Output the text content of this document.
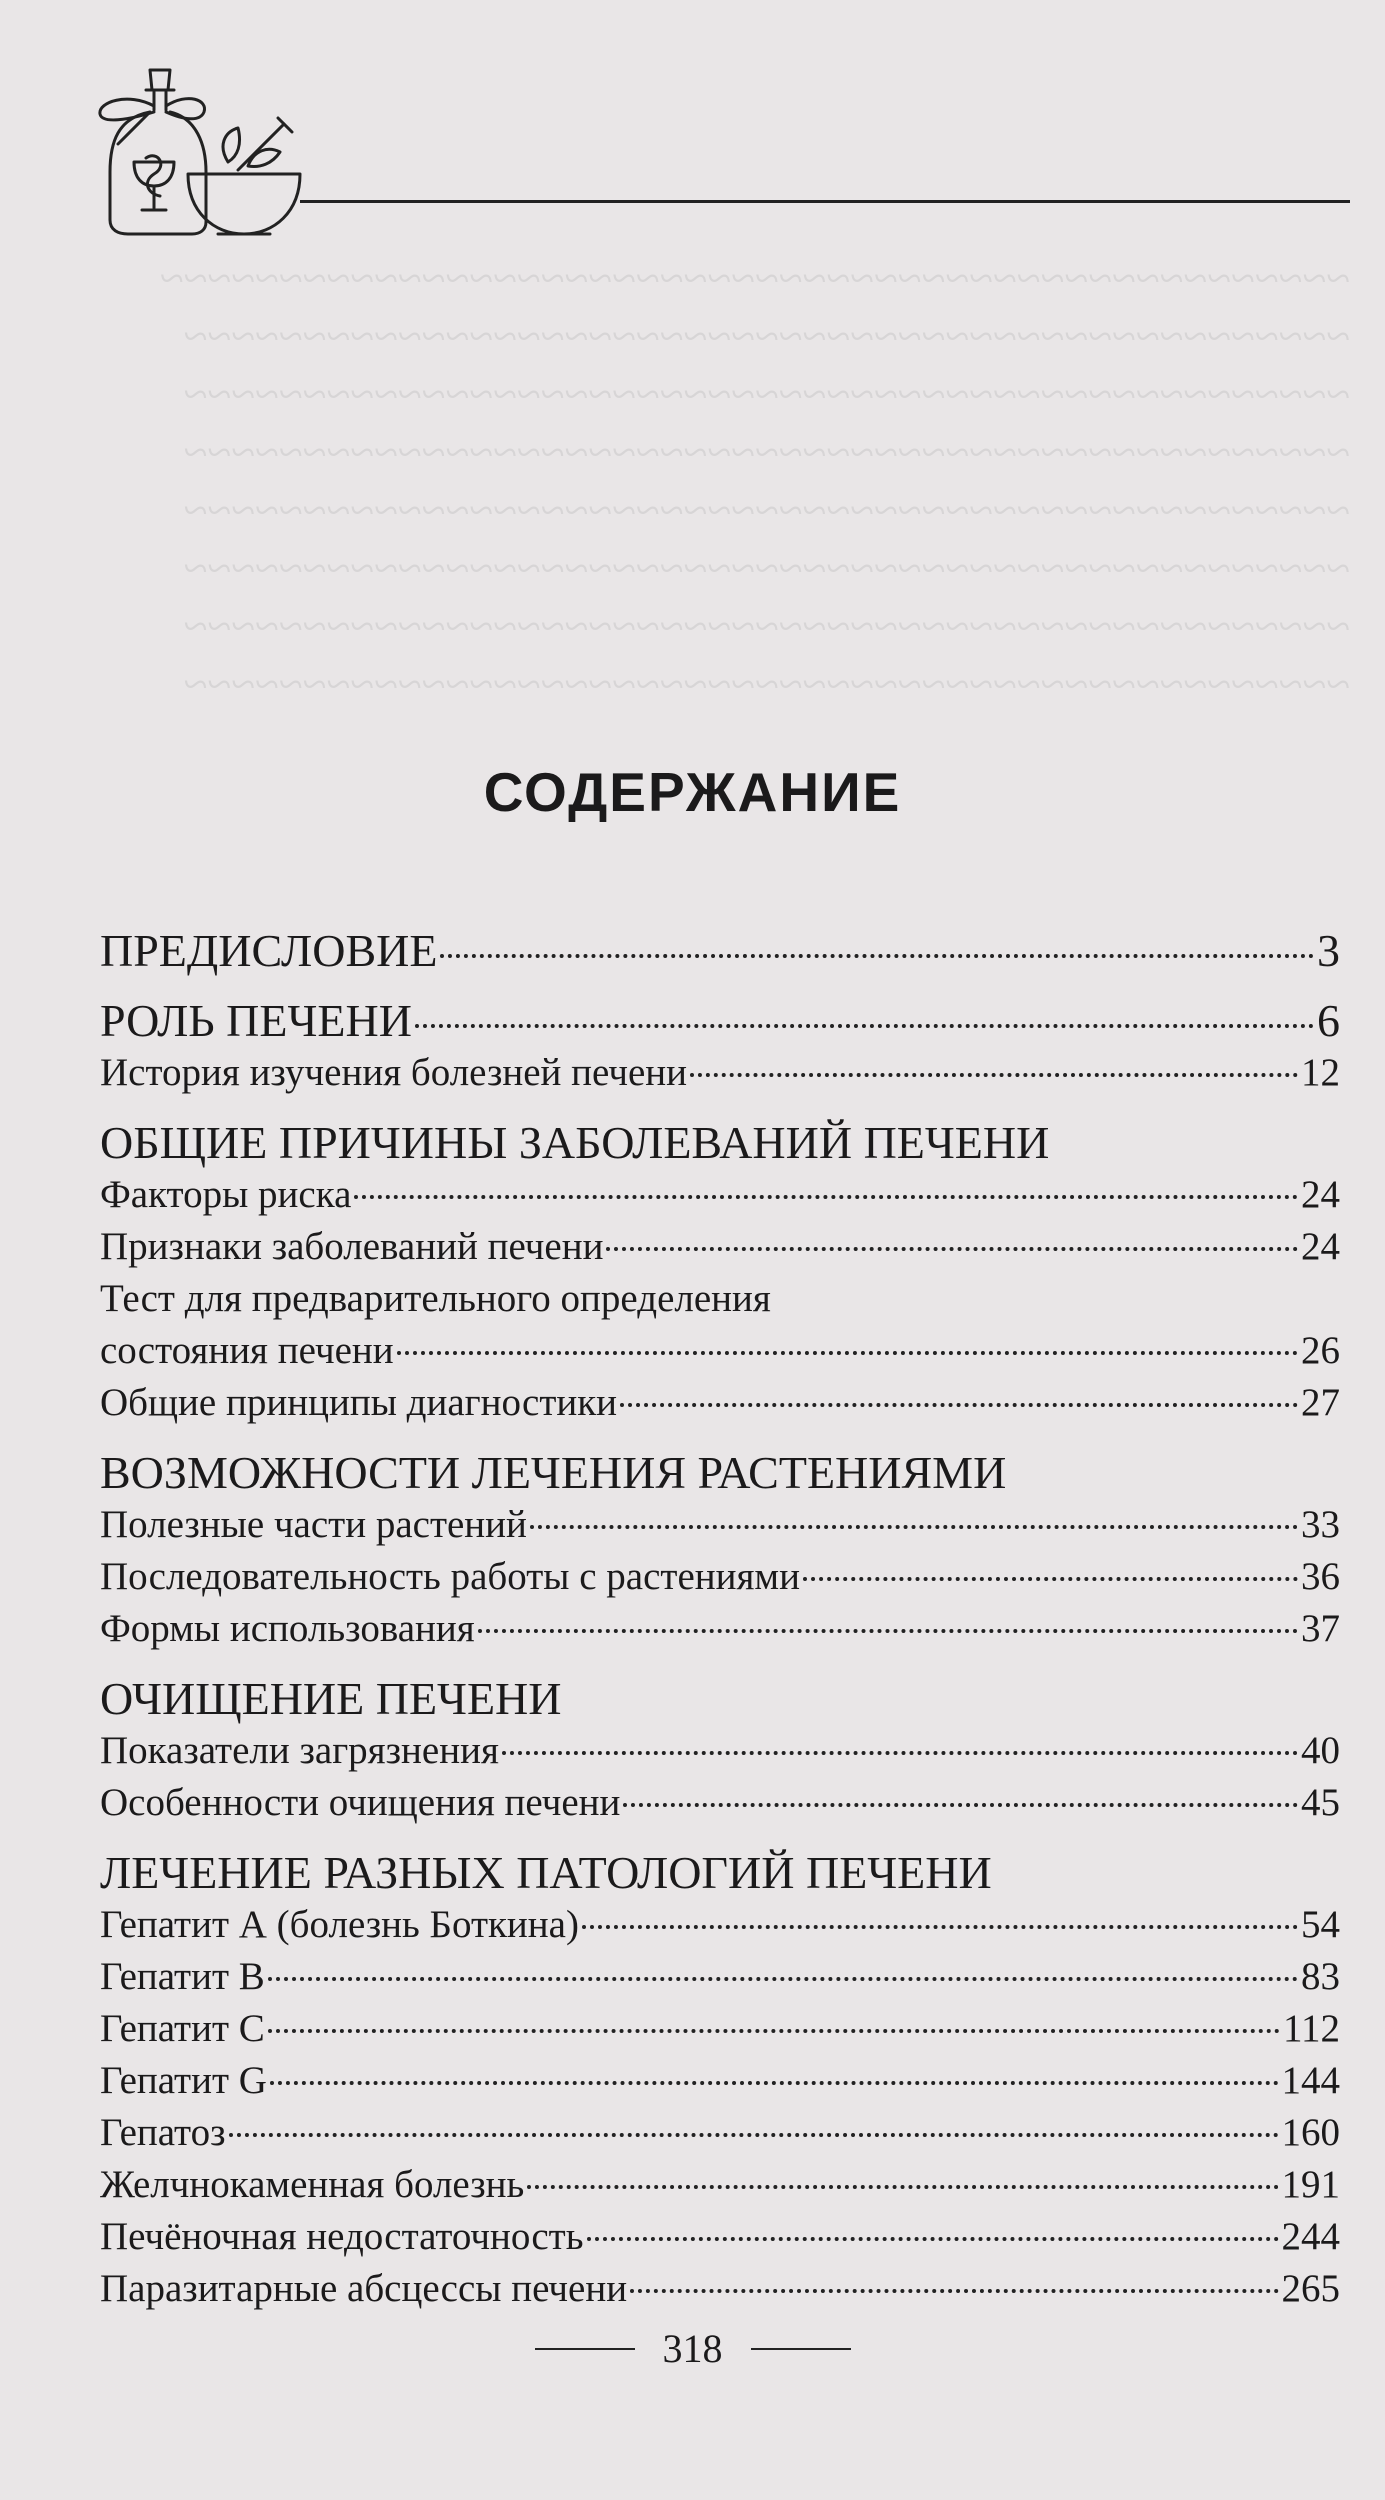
~~~~~~~~~~~~~~~~~~~~~~~~~~~~~~~~~~~~~~~~~~~~~~~~~~
~~~~~~~~~~~~~~~~~~~~~~~~~~~~~~~~~~~~~~~~~~~~~~~~~
~~~~~~~~~~~~~~~~~~~~~~~~~~~~~~~~~~~~~~~~~~~~~~~~~
~~~~~~~~~~~~~~~~~~~~~~~~~~~~~~~~~~~~~~~~~~~~~~~~~
~~~~~~~~~~~~~~~~~~~~~~~~~~~~~~~~~~~~~~~~~~~~~~~~~
~~~~~~~~~~~~~~~~~~~~~~~~~~~~~~~~~~~~~~~~~~~~~~~~~
~~~~~~~~~~~~~~~~~~~~~~~~~~~~~~~~~~~~~~~~~~~~~~~~~
~~~~~~~~~~~~~~~~~~~~~~~~~~~~~~~~~~~~~~~~~~~~~~~~~
СОДЕРЖАНИЕ
ПРЕДИСЛОВИЕ	3
РОЛЬ ПЕЧЕНИ	6
История изучения болезней печени	12
ОБЩИЕ ПРИЧИНЫ ЗАБОЛЕВАНИЙ ПЕЧЕНИ
Факторы риска	24
Признаки заболеваний печени	24
Тест для предварительного определения
состояния печени	26
Общие принципы диагностики	27
ВОЗМОЖНОСТИ ЛЕЧЕНИЯ РАСТЕНИЯМИ
Полезные части растений	33
Последовательность работы с растениями	36
Формы использования	37
ОЧИЩЕНИЕ ПЕЧЕНИ
Показатели загрязнения	40
Особенности очищения печени	45
ЛЕЧЕНИЕ РАЗНЫХ ПАТОЛОГИЙ ПЕЧЕНИ
Гепатит А (болезнь Боткина)	54
Гепатит В	83
Гепатит С	112
Гепатит G	144
Гепатоз	160
Желчнокаменная болезнь	191
Печёночная недостаточность	244
Паразитарные абсцессы печени	265
318
